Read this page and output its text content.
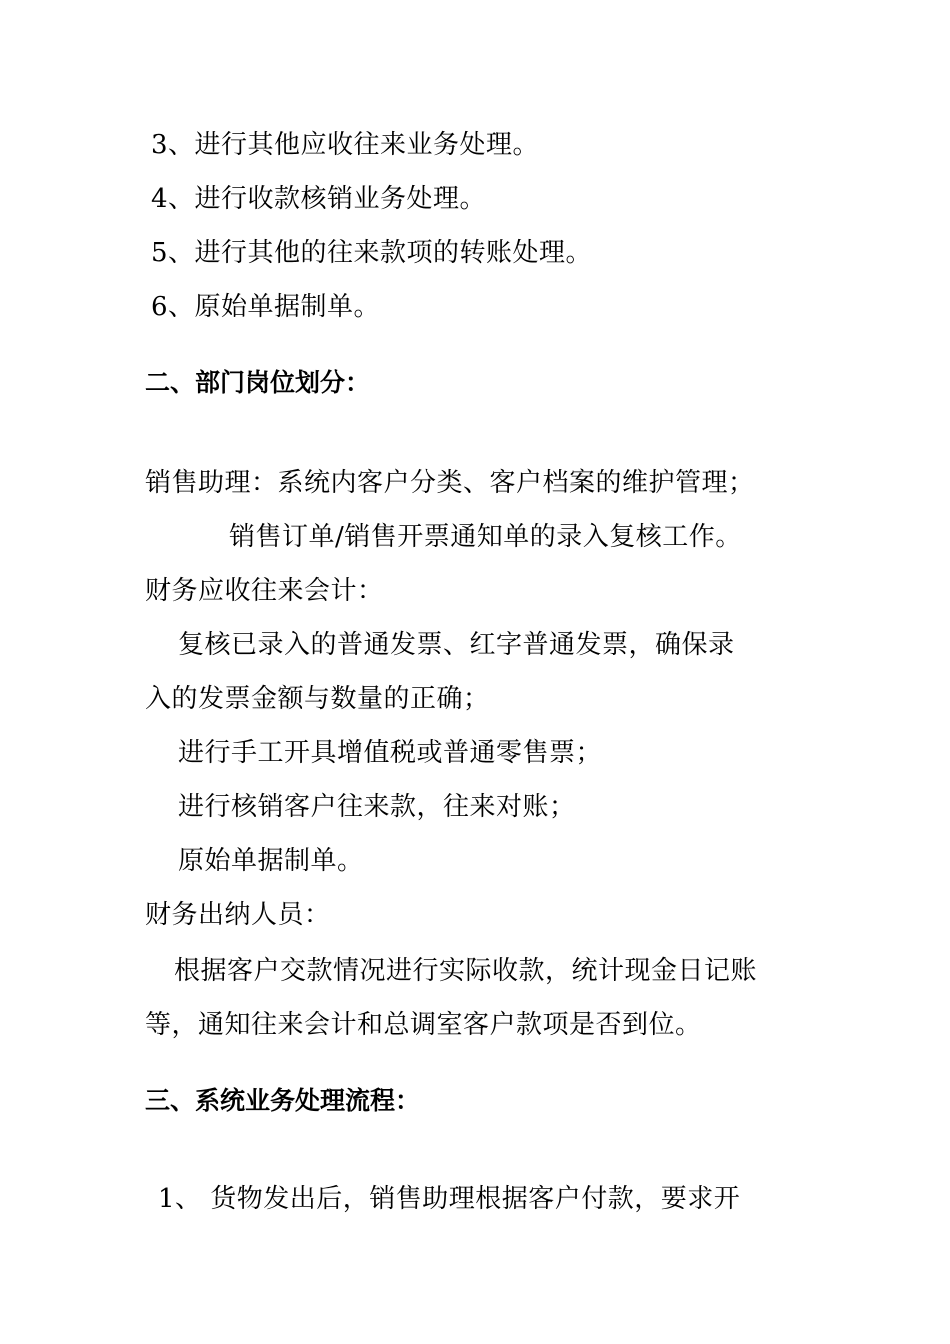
3、进行其他应收往来业务处理。
4、进行收款核销业务处理。
5、进行其他的往来款项的转账处理。
6、原始单据制单。
二、部门岗位划分：
销售助理：系统内客户分类、客户档案的维护管理；
销售订单/销售开票通知单的录入复核工作。
财务应收往来会计：
复核已录入的普通发票、红字普通发票，确保录
入的发票金额与数量的正确；
进行手工开具增值税或普通零售票；
进行核销客户往来款，往来对账；
原始单据制单。
财务出纳人员：
根据客户交款情况进行实际收款，统计现金日记账
等，通知往来会计和总调室客户款项是否到位。
三、系统业务处理流程：
1、 货物发出后，销售助理根据客户付款，要求开
